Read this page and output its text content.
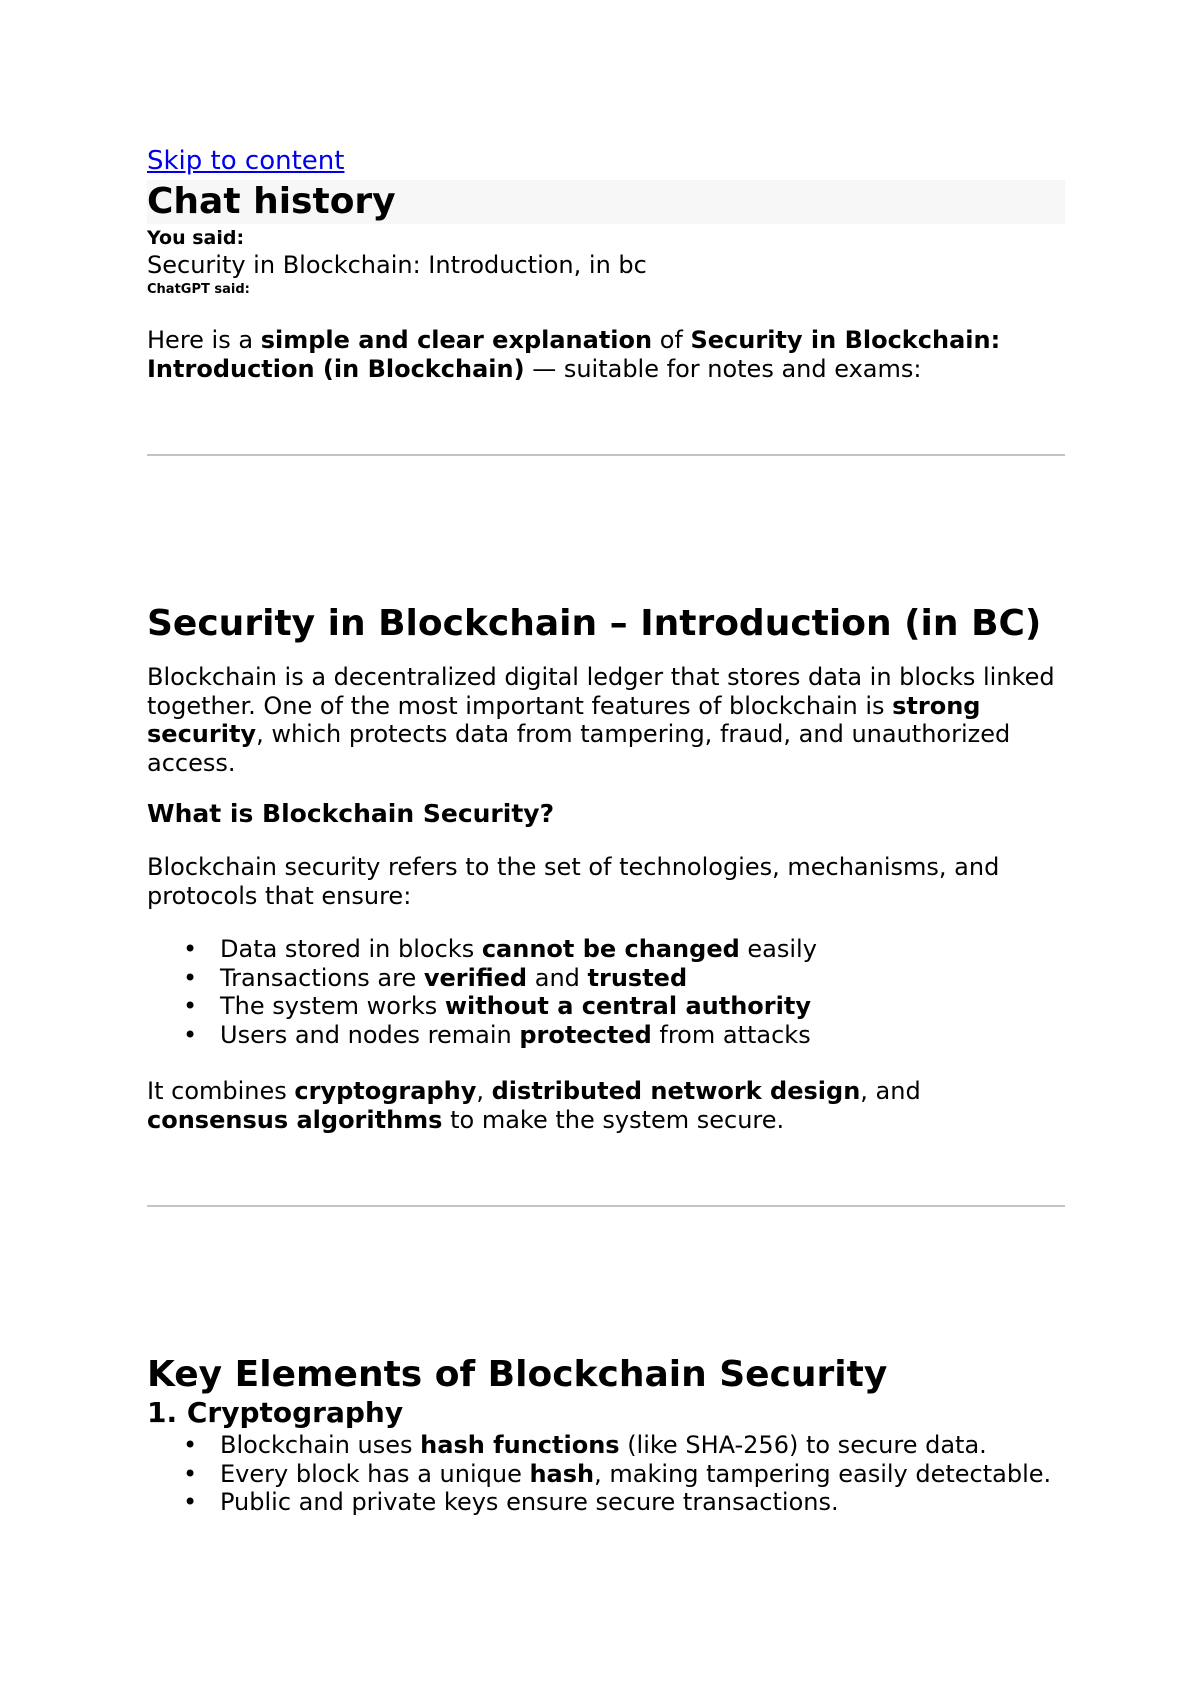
Skip to content
Chat history
You said:
Security in Blockchain: Introduction, in bc
ChatGPT said:

Here is a simple and clear explanation of Security in Blockchain: Introduction (in Blockchain) — suitable for notes and exams:

Security in Blockchain – Introduction (in BC)

Blockchain is a decentralized digital ledger that stores data in blocks linked together. One of the most important features of blockchain is strong security, which protects data from tampering, fraud, and unauthorized access.

What is Blockchain Security?

Blockchain security refers to the set of technologies, mechanisms, and protocols that ensure:

• Data stored in blocks cannot be changed easily
• Transactions are verified and trusted
• The system works without a central authority
• Users and nodes remain protected from attacks

It combines cryptography, distributed network design, and consensus algorithms to make the system secure.

Key Elements of Blockchain Security
1. Cryptography
• Blockchain uses hash functions (like SHA-256) to secure data.
• Every block has a unique hash, making tampering easily detectable.
• Public and private keys ensure secure transactions.
